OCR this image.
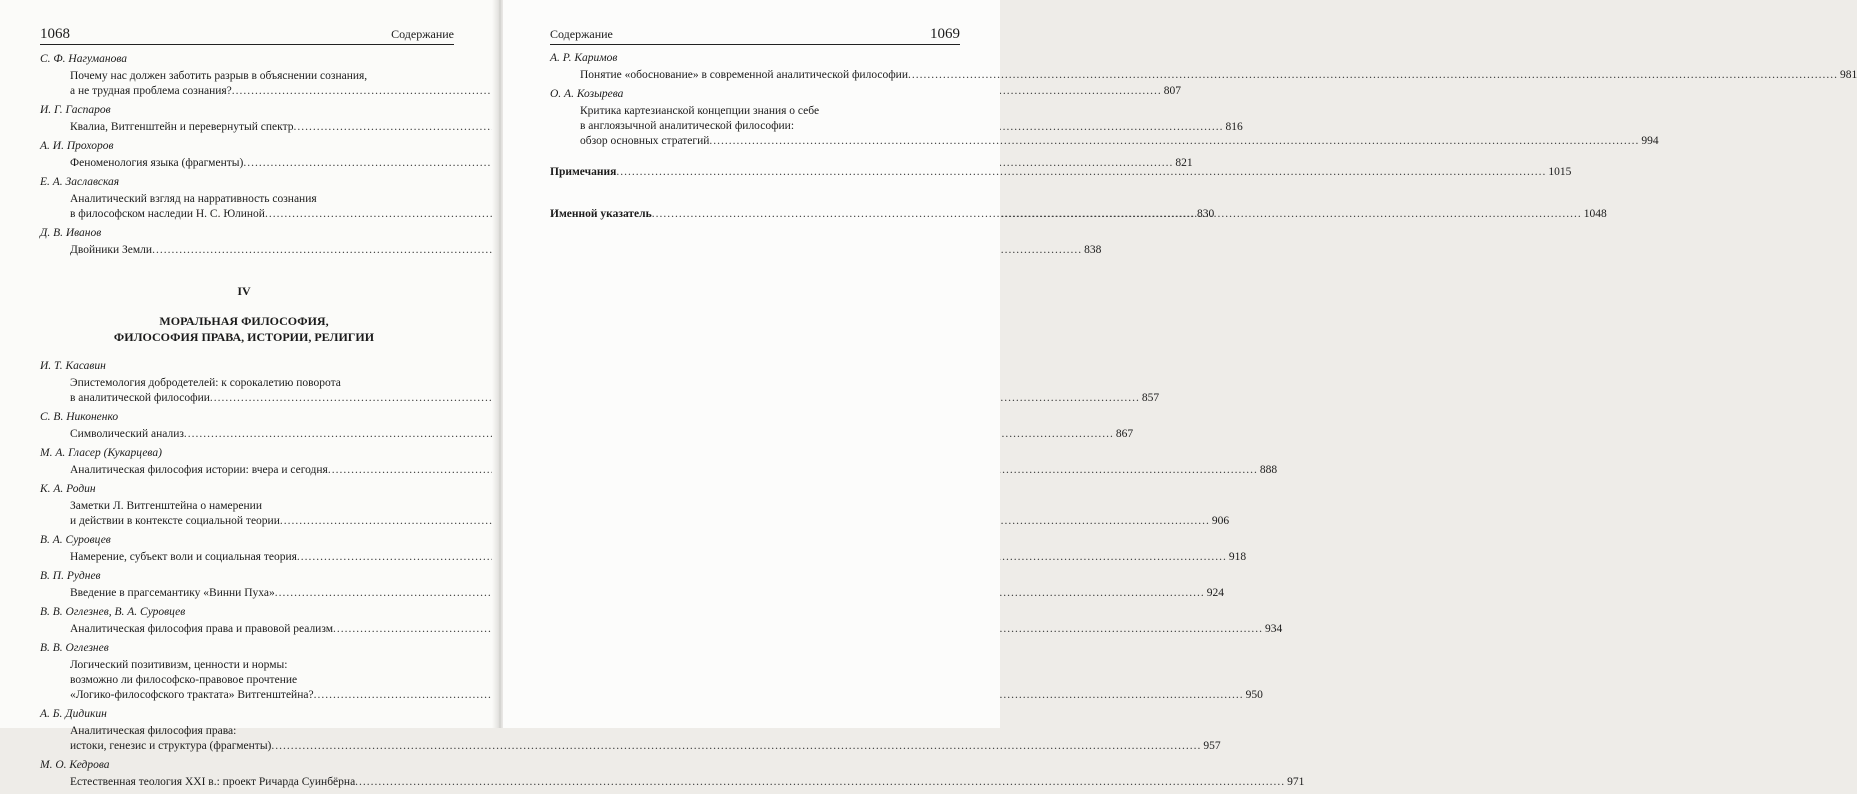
1068	Содержание
С. Ф. Нагуманова
Почему нас должен заботить разрыв в объяснении сознания,
а не трудная проблема сознания? .....	807
И. Г. Гаспаров
Квалиа, Витгенштейн и перевернутый спектр .....	816
А. И. Прохоров
Феноменология языка (фрагменты) .....	821
Е. А. Заславская
Аналитический взгляд на нарративность сознания
в философском наследии Н. С. Юлиной .....	830
Д. В. Иванов
Двойники Земли .....	838
IV
МОРАЛЬНАЯ ФИЛОСОФИЯ,
ФИЛОСОФИЯ ПРАВА, ИСТОРИИ, РЕЛИГИИ
И. Т. Касавин
Эпистемология добродетелей: к сорокалетию поворота
в аналитической философии .....	857
С. В. Никоненко
Символический анализ .....	867
М. А. Гласер (Кукарцева)
Аналитическая философия истории: вчера и сегодня .....	888
К. А. Родин
Заметки Л. Витгенштейна о намерении
и действии в контексте социальной теории .....	906
В. А. Суровцев
Намерение, субъект воли и социальная теория .....	918
В. П. Руднев
Введение в прагсемантику «Винни Пуха» .....	924
В. В. Оглезнев, В. А. Суровцев
Аналитическая философия права и правовой реализм .....	934
В. В. Оглезнев
Логический позитивизм, ценности и нормы:
возможно ли философско-правовое прочтение
«Логико-философского трактата» Витгенштейна? .....	950
А. Б. Дидикин
Аналитическая философия права:
истоки, генезис и структура (фрагменты) .....	957
М. О. Кедрова
Естественная теология XXI в.: проект Ричарда Суинбёрна .....	971
Содержание	1069
А. Р. Каримов
Понятие «обоснование» в современной аналитической философии .....	981
О. А. Козырева
Критика картезианской концепции знания о себе
в англоязычной аналитической философии:
обзор основных стратегий .....	994
Примечания .....	1015
Именной указатель .....	1048
